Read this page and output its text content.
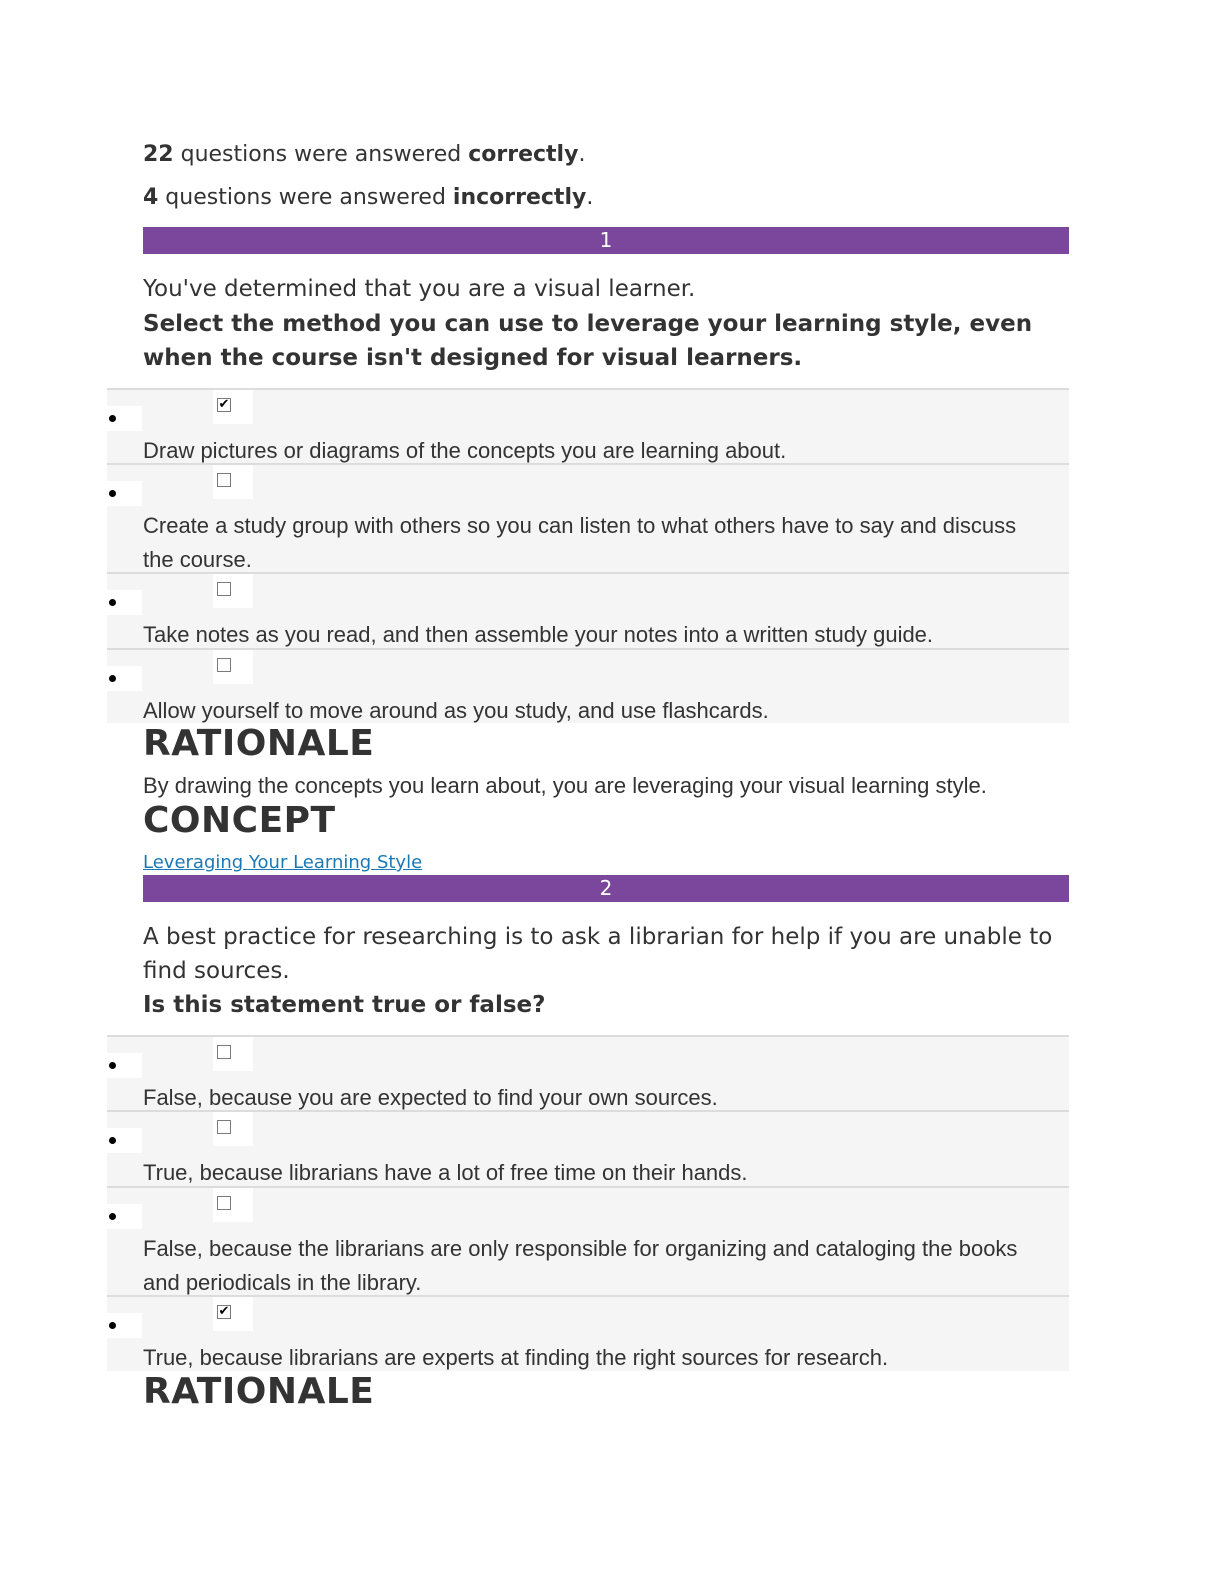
22 questions were answered correctly.
4 questions were answered incorrectly.
1
You've determined that you are a visual learner.
Select the method you can use to leverage your learning style, even when the course isn't designed for visual learners.
✔
Draw pictures or diagrams of the concepts you are learning about.
Create a study group with others so you can listen to what others have to say and discuss the course.
Take notes as you read, and then assemble your notes into a written study guide.
Allow yourself to move around as you study, and use flashcards.
RATIONALE
By drawing the concepts you learn about, you are leveraging your visual learning style.
CONCEPT
Leveraging Your Learning Style
2
A best practice for researching is to ask a librarian for help if you are unable to find sources.
Is this statement true or false?
False, because you are expected to find your own sources.
True, because librarians have a lot of free time on their hands.
False, because the librarians are only responsible for organizing and cataloging the books and periodicals in the library.
✔
True, because librarians are experts at finding the right sources for research.
RATIONALE
